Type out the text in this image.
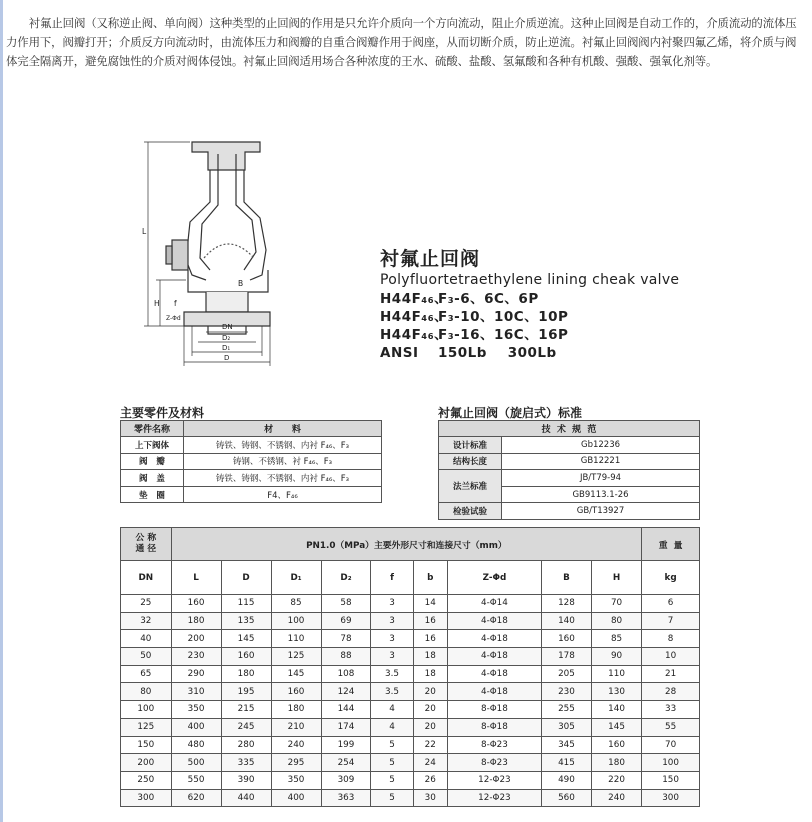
衬氟止回阀（又称逆止阀、单向阀）这种类型的止回阀的作用是只允许介质向一个方向流动，阻止介质逆流。这种止回阀是自动工作的，介质流动的流体压力作用下，阀瓣打开；介质反方向流动时，由流体压力和阀瓣的自重合阀瓣作用于阀座，从而切断介质，防止逆流。衬氟止回阀阀内衬聚四氟乙烯，将介质与阀体完全隔离开，避免腐蚀性的介质对阀体侵蚀。衬氟止回阀适用场合各种浓度的王水、硫酸、盐酸、氢氟酸和各种有机酸、强酸、强氧化剂等。

L
H f
Z-Φd
B
DN
D₂
D₁
D
衬氟止回阀
Polyfluortetraethylene lining cheak valve
H44F₄₆、F₃-6、6C、6P
H44F₄₆、F₃-10、10C、10P
H44F₄₆、F₃-16、16C、16P
ANSI 150Lb    300Lb
主要零件及材料
零件名称	材      料
上下阀体	铸铁、铸钢、不锈钢、内衬 F₄₆、F₃
阀   瓣	铸钢、不锈钢、衬 F₄₆、F₃
阀   盖	铸铁、铸钢、不锈钢、内衬 F₄₆、F₃
垫   圈	F4、F₄₆
衬氟止回阀（旋启式）标准
技  术  规  范	
设计标准	Gb12236
结构长度	GB12221
法兰标准	JB/T79-94
	GB9113.1-26
检验试验	GB/T13927
公 称
通 径	PN1.0（MPa）主要外形尺寸和连接尺寸（mm）									重  量
DN	L	D	D₁	D₂	f	b	Z-Φd	B	H	kg
25	160	115	85	58	3	14	4-Φ14	128	70	6
32	180	135	100	69	3	16	4-Φ18	140	80	7
40	200	145	110	78	3	16	4-Φ18	160	85	8
50	230	160	125	88	3	18	4-Φ18	178	90	10
65	290	180	145	108	3.5	18	4-Φ18	205	110	21
80	310	195	160	124	3.5	20	4-Φ18	230	130	28
100	350	215	180	144	4	20	8-Φ18	255	140	33
125	400	245	210	174	4	20	8-Φ18	305	145	55
150	480	280	240	199	5	22	8-Φ23	345	160	70
200	500	335	295	254	5	24	8-Φ23	415	180	100
250	550	390	350	309	5	26	12-Φ23	490	220	150
300	620	440	400	363	5	30	12-Φ23	560	240	300
